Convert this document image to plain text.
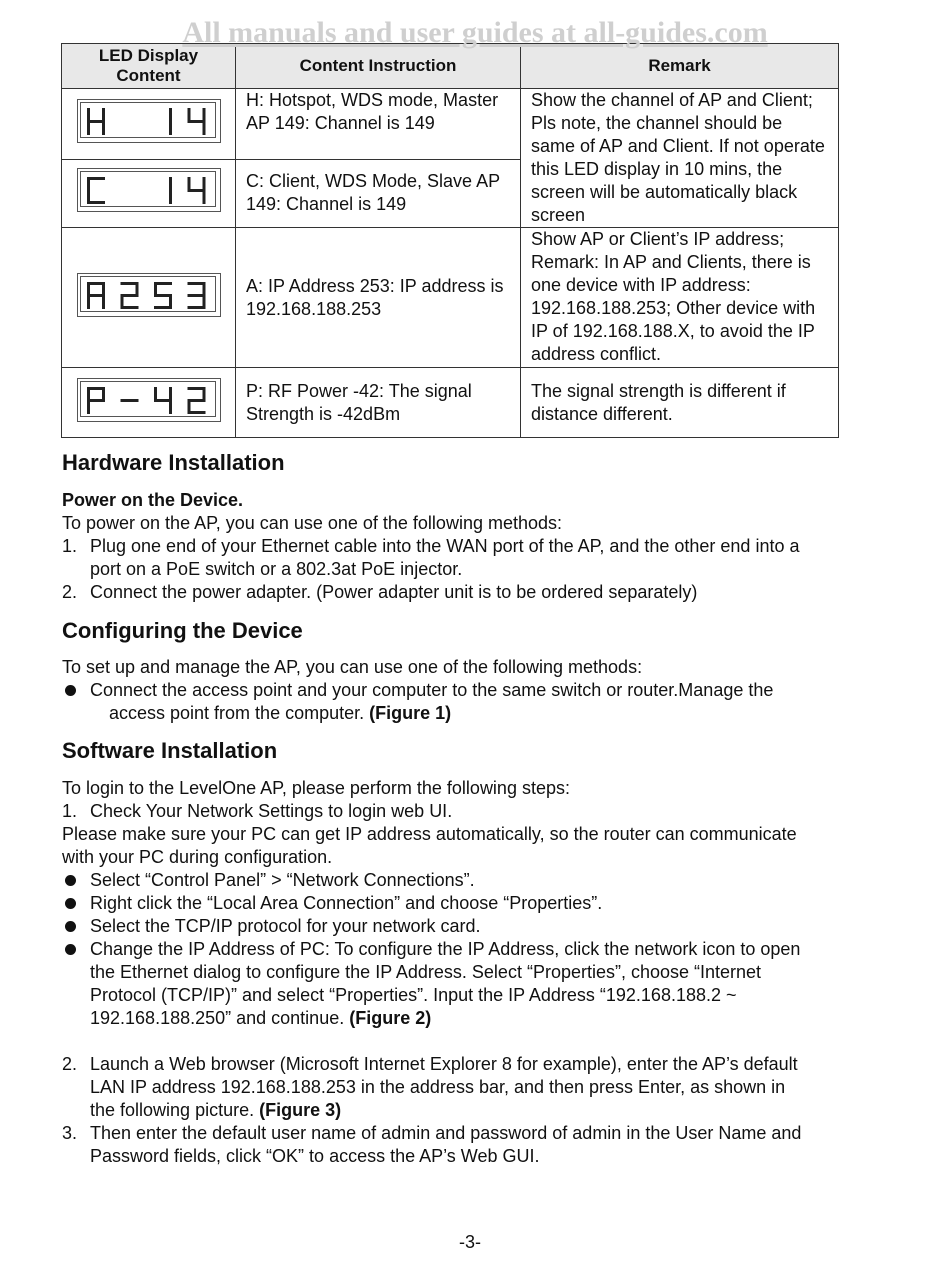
All manuals and user guides at all-guides.com
LED Display Content	Content Instruction	Remark

	H: Hotspot, WDS mode, Master AP 149: Channel is 149	Show the channel of AP and Client; Pls note, the channel should be same of AP and Client. If not operate this LED display in 10 mins, the screen will be automatically black screen

	C: Client, WDS Mode, Slave AP 149: Channel is 149	

	A: IP Address 253: IP address is 192.168.188.253	Show AP or Client’s IP address; Remark: In AP and Clients, there is one device with IP address: 192.168.188.253; Other device with IP of 192.168.188.X, to avoid the IP address conflict.

	P: RF Power -42: The signal Strength is -42dBm	The signal strength is different if distance different.
Hardware Installation

Power on the Device.

To power on the AP, you can use one of the following methods:

1. Plug one end of your Ethernet cable into the WAN port of the AP, and the other end into a
port on a PoE switch or a 802.3at PoE injector.
2. Connect the power adapter. (Power adapter unit is to be ordered separately)
Configuring the Device

To set up and manage the AP, you can use one of the following methods:

Connect the access point and your computer to the same switch or router.Manage the
access point from the computer. (Figure 1)
Software Installation

To login to the LevelOne AP, please perform the following steps:

1. Check Your Network Settings to login web UI.

Please make sure your PC can get IP address automatically, so the router can communicate
with your PC during configuration.

Select “Control Panel” > “Network Connections”.
Right click the “Local Area Connection” and choose “Properties”.
Select the TCP/IP protocol for your network card.
Change the IP Address of PC: To configure the IP Address, click the network icon to open
the Ethernet dialog to configure the IP Address. Select “Properties”, choose “Internet
Protocol (TCP/IP)” and select “Properties”. Input the IP Address “192.168.188.2 ~
192.168.188.250” and continue. (Figure 2)
2. Launch a Web browser (Microsoft Internet Explorer 8 for example), enter the AP’s default
LAN IP address 192.168.188.253 in the address bar, and then press Enter, as shown in
the following picture. (Figure 3)
3. Then enter the default user name of admin and password of admin in the User Name and
Password fields, click “OK” to access the AP’s Web GUI.
-3-
